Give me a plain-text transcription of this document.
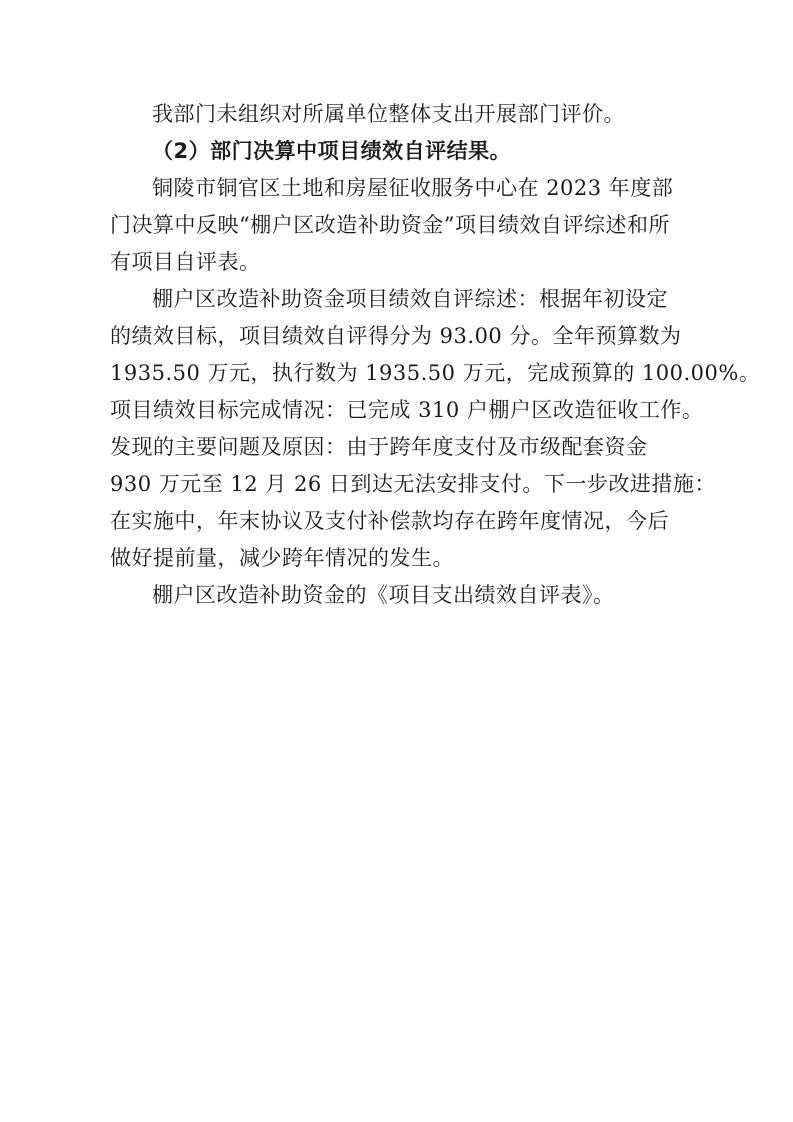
我部门未组织对所属单位整体支出开展部门评价。

（2）部门决算中项目绩效自评结果。

铜陵市铜官区土地和房屋征收服务中心在 2023 年度部
门决算中反映“棚户区改造补助资金”项目绩效自评综述和所
有项目自评表。

棚户区改造补助资金项目绩效自评综述：根据年初设定
的绩效目标，项目绩效自评得分为 93.00 分。全年预算数为
1935.50 万元，执行数为 1935.50 万元，完成预算的 100.00%。
项目绩效目标完成情况：已完成 310 户棚户区改造征收工作。
发现的主要问题及原因：由于跨年度支付及市级配套资金
930 万元至 12 月 26 日到达无法安排支付。下一步改进措施：
在实施中，年末协议及支付补偿款均存在跨年度情况，今后
做好提前量，减少跨年情况的发生。

棚户区改造补助资金的《项目支出绩效自评表》。
